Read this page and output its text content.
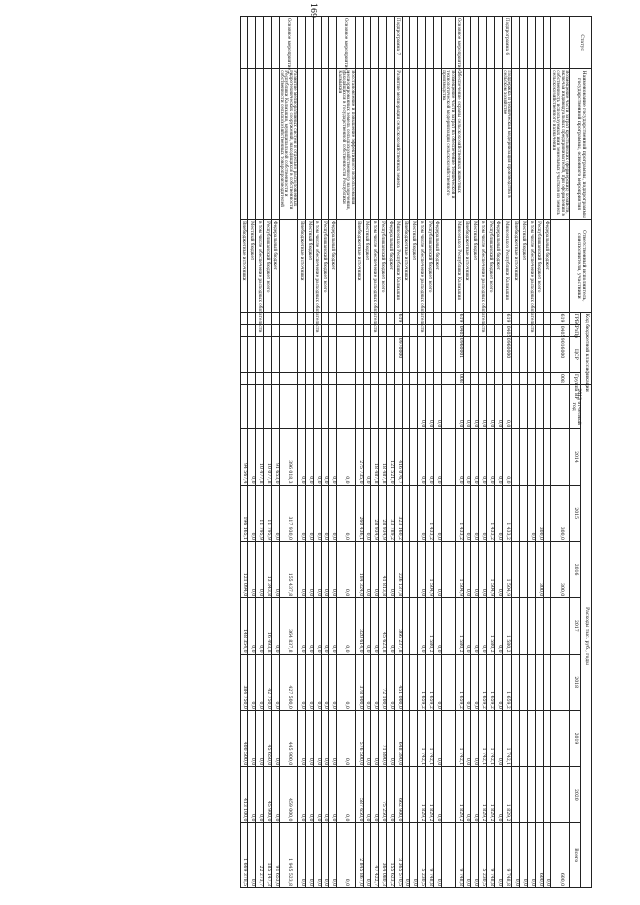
169
Статус	Наименование государственной программы, подпрограммы государственной программы, основного мероприятия	Ответственный исполнитель, соисполнители, участники	Код бюджетной классификации				Расходы тыс. руб., годы								
			ГРБС	РзПр	ЦСР	Группа ВР	2013 отчетный год	2014	2015	2016	2017	2018	2019	2020	Всего

	Возмещение части затрат крестьянских (фермерских) хозяйств, включая индивидуальных предпринимателей, при оформлении в собственность используемых ими земельных участков из земель сельскохозяйственного назначения		619	0405	9016000	008			300,0	300,0					600,0
		Федеральный бюджет													0,0
		Республиканский бюджет всего							300,0	300,0					600,0
		в том числе обеспечение расходных обязательств							0,0						0,0
		Местный бюджет													0,0
		Внебюджетные источники													0,0
Подпрограмма 6	Поддержка и техническая модернизация производства в сельском хозяйстве	Минсельхоз Республики Калмыкия	619	0405	0960000		0,0	0,0	1 433,2	1 504,9	1 580,2	1 659,2	1 742,1	1 829,2	9 748,8
		Федеральный бюджет					0,0	0,0	0,0	0,0	0,0	0,0	0,0	0,0	0,0
		Республиканский бюджет всего					0,0	0,0	1 433,2	1 504,9	1 580,2	1 659,2	1 742,1	1 829,2	9 748,8
		в том числе обеспечение расходных обязательств					0,0	0,0	0,0	0,0	0,0	1 659,2	1 742,1	1 829,2	5 230,5
		Местный бюджет					0,0	0,0	0,0	0,0	0,0	0,0	0,0	0,0	0,0
		Внебюджетные источники					0,0	0,0	0,0	0,0	0,0	0,0	0,0	0,0	0,0
Основное мероприятие 1	Обеспечение охраны сельскохозяйственных животных	Минсельхоз Республики Калмыкия	619	0405	0960001	008	0,0	0,0	1 433,2	1 504,9	1 580,2	1 659,2	1 742,1	1 829,2	9 748,8
	Возмещение части затрат на обеспечение технической и технологической модернизации сельскохозяйственного производства														
		Федеральный бюджет					0,0	0,0	0,0	0,0	0,0	0,0	0,0	0,0	0,0
		Республиканский бюджет всего					0,0	0,0	1 433,2	1 504,9	1 580,2	1 659,2	1 742,1	1 829,2	9 748,8
		в том числе обеспечение расходных обязательств					0,0	0,0	0,0	0,0	0,0	1 659,2	1 742,1	1 829,2	5 230,5
		Местный бюджет													0,0
		Внебюджетные источники													0,0
Подпрограмма 7	Развитие мелиорации сельскохозяйственных земель	Минсельхоз Республики Калмыкия	619		0970000			416 076,7	323 160,2	226 137,8	366 237,8	451 000,0	648 390,0	662 900,0	3 365 570,5
		Федеральный бюджет						121 521,0	33 789,2	0,0	0,0	0,0	0,0	0,0	155 623,2
		Республиканский бюджет всего						18 487,8	28 934,9	41 813,8	45 623,8	72 100,0	71 890,0	75 250,0	364 080,3
		в том числе обеспечение расходных обязательств						18 487,8	28 934,9	0,0	0,0	0,0	0,0	0,0	47 422,7
		Местный бюджет						0,0	0,0	0,0	0,0	0,0	0,0	0,0	0,0
		Внебюджетные источники						275 735,0	260 436,1	184 324,0	320 614,0	378 900,0	576 500,0	587 650,0	2 845 867,0
Основное мероприятие 1	Восстановление и повышение эффективного использования мелиорированных земель сельскохозяйственного назначения, находящихся в государственной собственности Республики Калмыкия							0,0	0,0	0,0	0,0	0,0	0,0	0,0	0,0
		Федеральный бюджет						0,0	0,0	0,0	0,0	0,0	0,0	0,0	0,0
		Республиканский бюджет всего						0,0	0,0	0,0	0,0	0,0	0,0	0,0	0,0
		в том числе обеспечение расходных обязательств						0,0	0,0	0,0	0,0	0,0	0,0	0,0	0,0
		Местный бюджет						0,0	0,0	0,0	0,0	0,0	0,0	0,0	0,0
		Внебюджетные источники						0,0	0,0	0,0	0,0	0,0	0,0	0,0	0,0
Основное мероприятие 2	Развитие мелиоративных систем и отдельно расположенных гидротехнических сооружений, находящихся в собственности Республики Калмыкия, муниципальной собственности и собственности сельскохозяйственных товаропроизводителей							396 018,3	317 930,0	155 437,8	364 837,8	427 500,0	445 900,0	459 000,0	1 945 523,8
		Федеральный бюджет						91 653,0	0,0	0,0	0,0	0,0	0,0	0,0	91 653,0
		Республиканский бюджет всего						10 077,8	11 795,9	13 343,8	16 493,8	42 750,0	45 650,0	45 900,0	185 147,3
		в том числе обеспечение расходных обязательств						10 477,8	11 795,9	0,0	0,0	0,0	0,0	0,0	22 273,7
		Местный бюджет						0,0	0,0	0,0	0,0	0,0	0,0	0,0	0,0
		Внебюджетные источники						94 567,4	196 165,1	121 094,0	148 354,0	384 750,0	400 500,0	413 100,0	1 669 378,5
